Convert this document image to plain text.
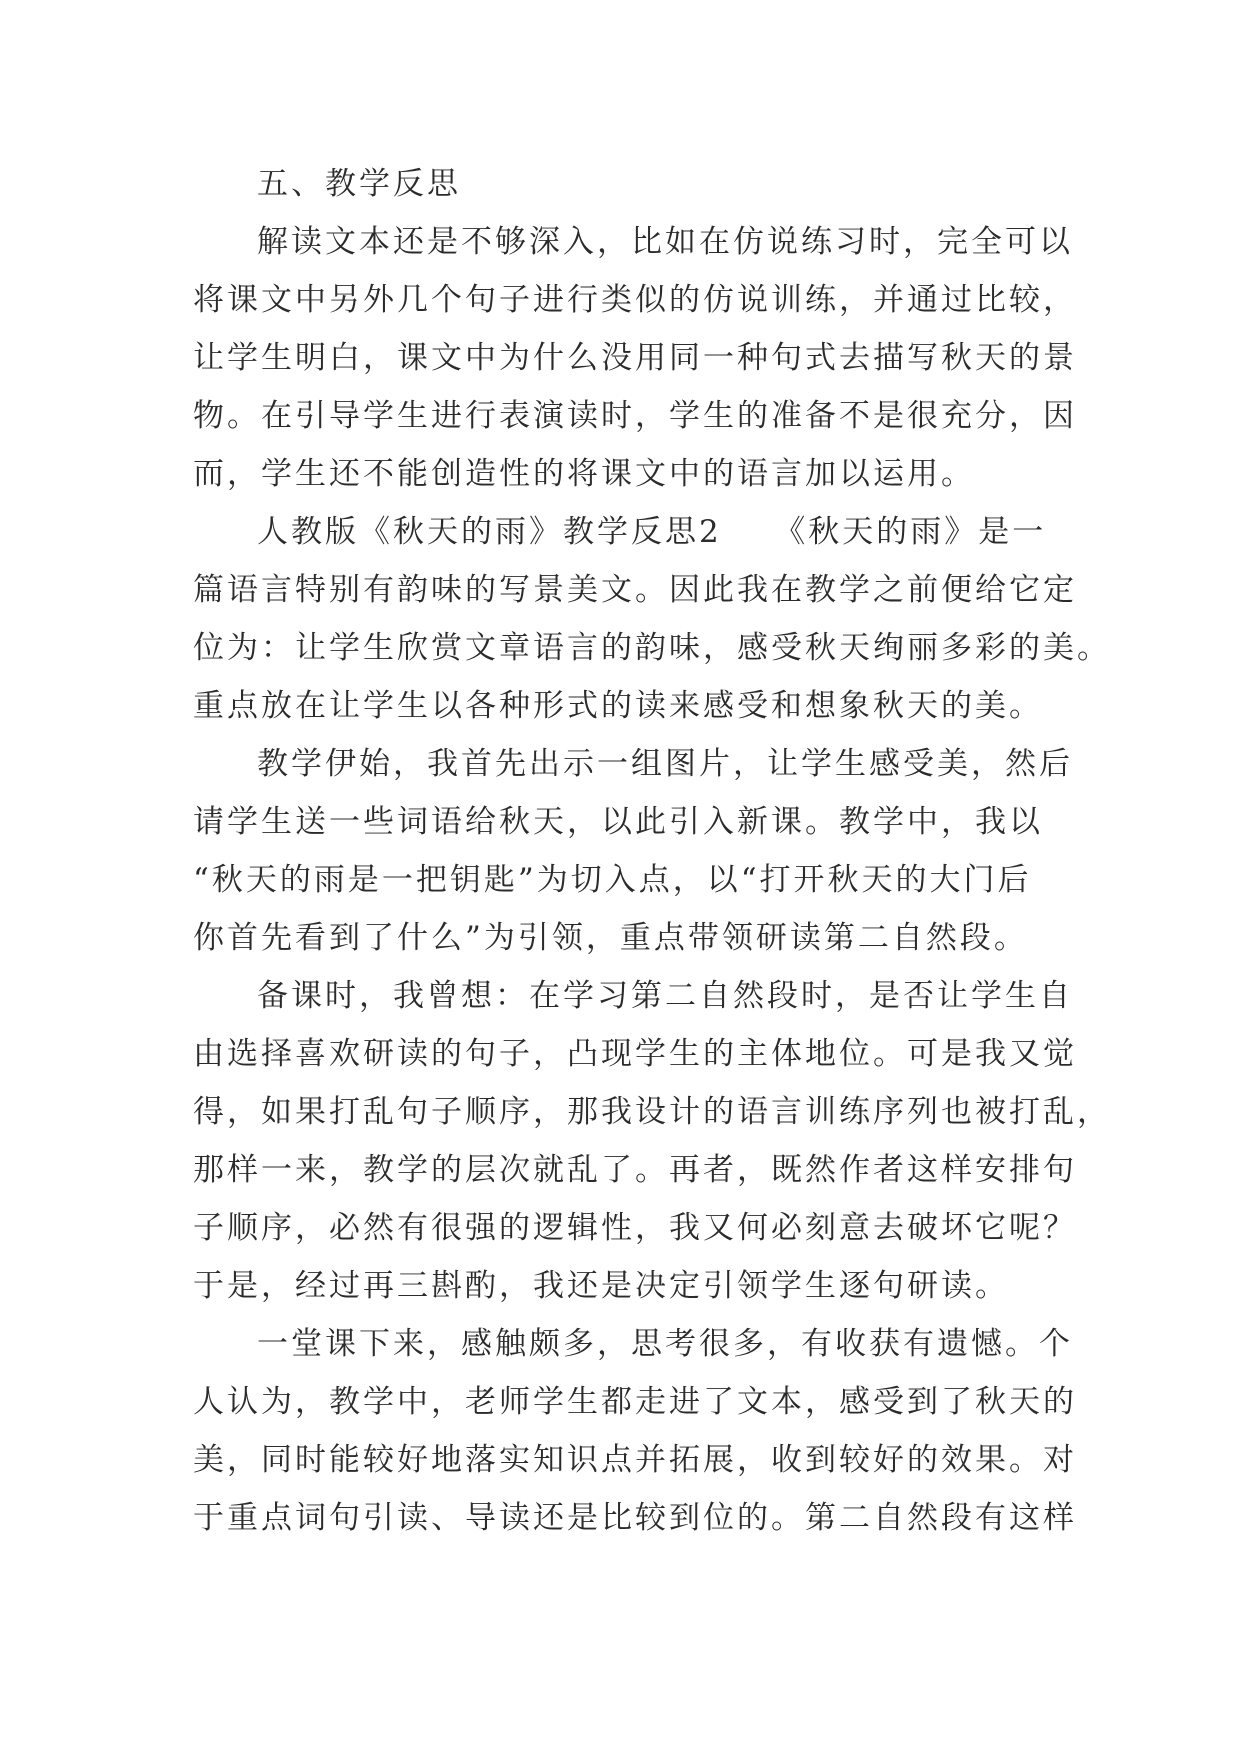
五、教学反思
解读文本还是不够深入，比如在仿说练习时，完全可以
将课文中另外几个句子进行类似的仿说训练，并通过比较，
让学生明白，课文中为什么没用同一种句式去描写秋天的景
物。在引导学生进行表演读时，学生的准备不是很充分，因
而，学生还不能创造性的将课文中的语言加以运用。
人教版《秋天的雨》教学反思2　　《秋天的雨》是一
篇语言特别有韵味的写景美文。因此我在教学之前便给它定
位为：让学生欣赏文章语言的韵味，感受秋天绚丽多彩的美。
重点放在让学生以各种形式的读来感受和想象秋天的美。
教学伊始，我首先出示一组图片，让学生感受美，然后
请学生送一些词语给秋天，以此引入新课。教学中，我以
“秋天的雨是一把钥匙”为切入点，以“打开秋天的大门后
你首先看到了什么”为引领，重点带领研读第二自然段。
备课时，我曾想：在学习第二自然段时，是否让学生自
由选择喜欢研读的句子，凸现学生的主体地位。可是我又觉
得，如果打乱句子顺序，那我设计的语言训练序列也被打乱，
那样一来，教学的层次就乱了。再者，既然作者这样安排句
子顺序，必然有很强的逻辑性，我又何必刻意去破坏它呢？
于是，经过再三斟酌，我还是决定引领学生逐句研读。
一堂课下来，感触颇多，思考很多，有收获有遗憾。个
人认为，教学中，老师学生都走进了文本，感受到了秋天的
美，同时能较好地落实知识点并拓展，收到较好的效果。对
于重点词句引读、导读还是比较到位的。第二自然段有这样
